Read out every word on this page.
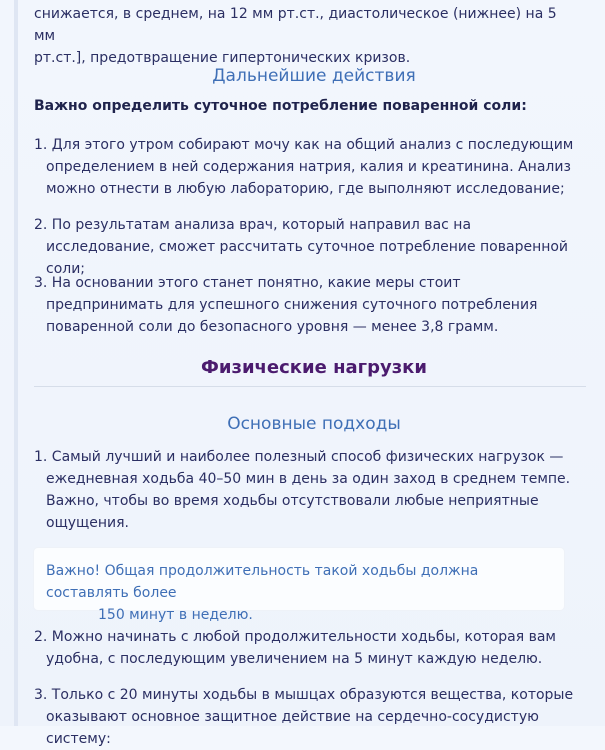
снижается, в среднем, на 12 мм рт.ст., диастолическое (нижнее) на 5 мм

рт.ст.], предотвращение гипертонических кризов.

Дальнейшие действия

Важно определить суточное потребление поваренной соли:

1. Для этого утром собирают мочу как на общий анализ с последующим определением в ней содержания натрия, калия и креатинина. Анализ можно отнести в любую лабораторию, где выполняют исследование;

2. По результатам анализа врач, который направил вас на исследование, сможет рассчитать суточное потребление поваренной соли;

3. На основании этого станет понятно, какие меры стоит предпринимать для успешного снижения суточного потребления поваренной соли до безопасного уровня — менее 3,8 грамм.

Физические нагрузки
Основные подходы

1. Самый лучший и наиболее полезный способ физических нагрузок — ежедневная ходьба 40–50 мин в день за один заход в среднем темпе. Важно, чтобы во время ходьбы отсутствовали любые неприятные ощущения.

Важно! Общая продолжительность такой ходьбы должна составлять более
150 минут в неделю.

2. Можно начинать с любой продолжительности ходьбы, которая вам удобна, с последующим увеличением на 5 минут каждую неделю.

3. Только с 20 минуты ходьбы в мышцах образуются вещества, которые оказывают основное защитное действие на сердечно-сосудистую систему:
